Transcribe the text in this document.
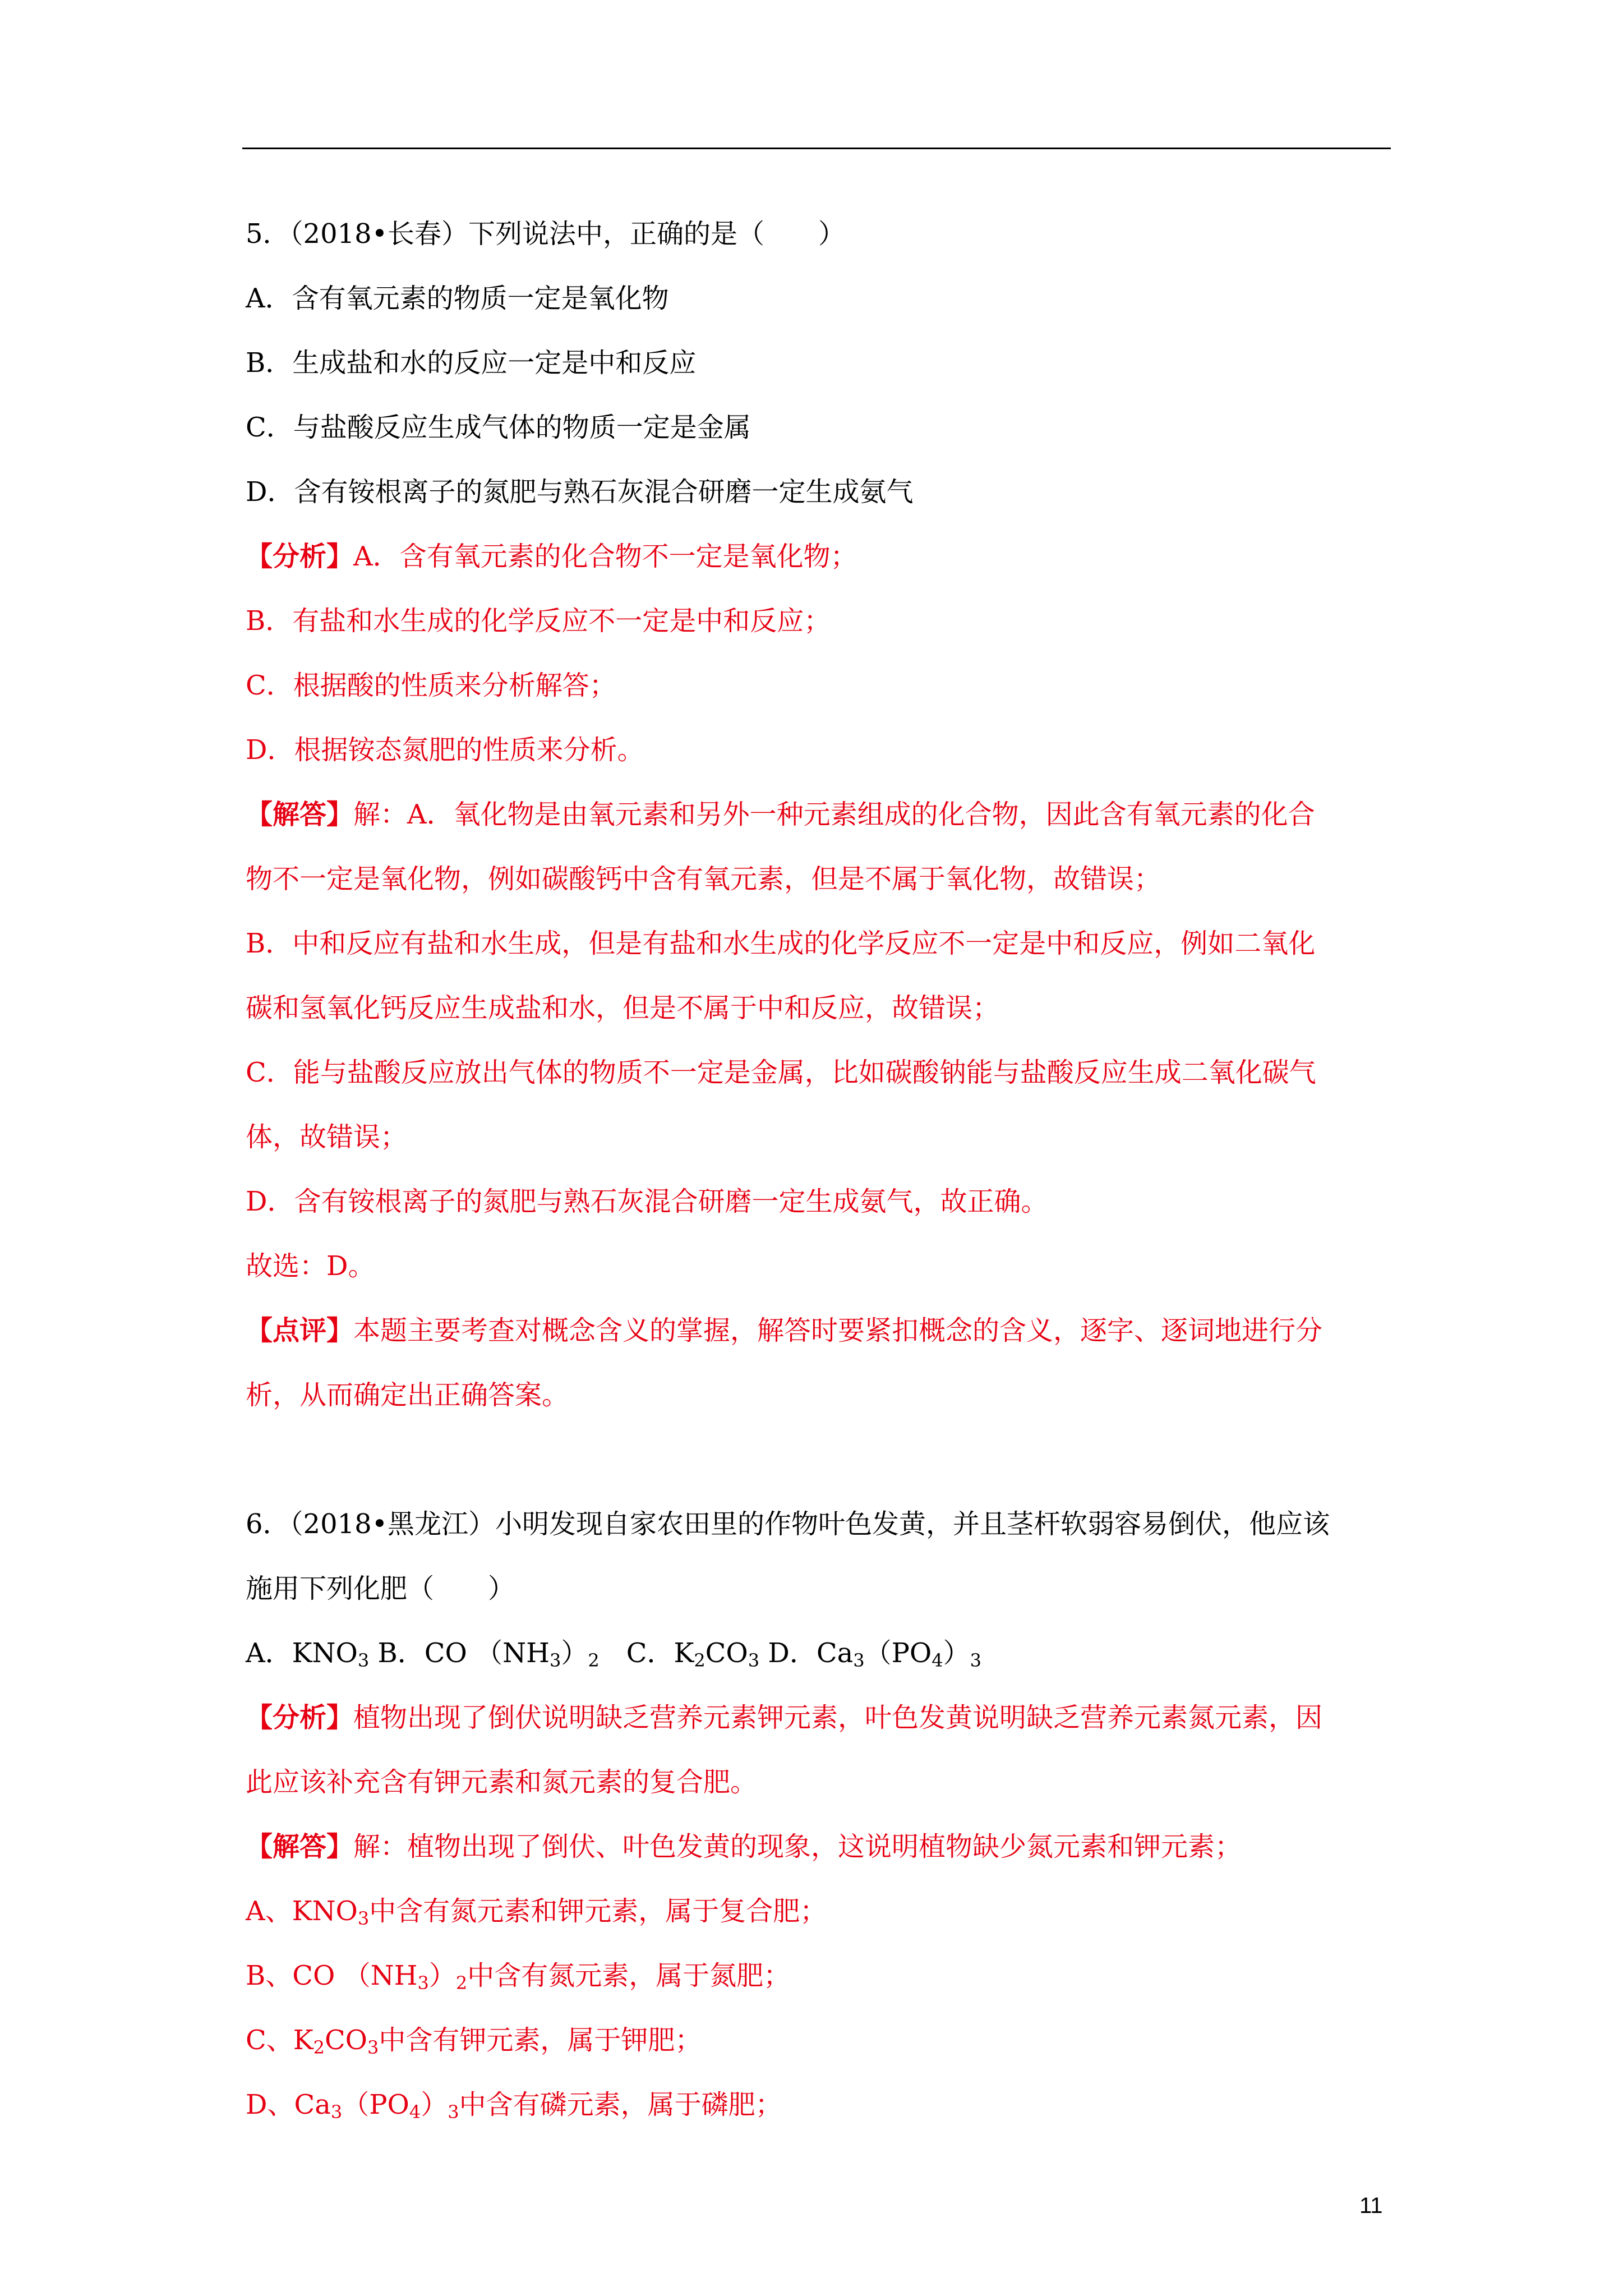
5．（2018•长春）下列说法中，正确的是（　　）
A．含有氧元素的物质一定是氧化物
B．生成盐和水的反应一定是中和反应
C．与盐酸反应生成气体的物质一定是金属
D．含有铵根离子的氮肥与熟石灰混合研磨一定生成氨气
【分析】A．含有氧元素的化合物不一定是氧化物；
B．有盐和水生成的化学反应不一定是中和反应；
C．根据酸的性质来分析解答；
D．根据铵态氮肥的性质来分析。
【解答】解：A．氧化物是由氧元素和另外一种元素组成的化合物，因此含有氧元素的化合
物不一定是氧化物，例如碳酸钙中含有氧元素，但是不属于氧化物，故错误；
B．中和反应有盐和水生成，但是有盐和水生成的化学反应不一定是中和反应，例如二氧化
碳和氢氧化钙反应生成盐和水，但是不属于中和反应，故错误；
C．能与盐酸反应放出气体的物质不一定是金属，比如碳酸钠能与盐酸反应生成二氧化碳气
体，故错误；
D．含有铵根离子的氮肥与熟石灰混合研磨一定生成氨气，故正确。
故选：D。
【点评】本题主要考查对概念含义的掌握，解答时要紧扣概念的含义，逐字、逐词地进行分
析，从而确定出正确答案。
6．（2018•黑龙江）小明发现自家农田里的作物叶色发黄，并且茎杆软弱容易倒伏，他应该
施用下列化肥（　　）
A．$KNO_3$ B．CO $(NH_3)_2$　C．$K_2CO_3$ D．$Ca_3(PO_4)_3$
【分析】植物出现了倒伏说明缺乏营养元素钾元素，叶色发黄说明缺乏营养元素氮元素，因
此应该补充含有钾元素和氮元素的复合肥。
【解答】解：植物出现了倒伏、叶色发黄的现象，这说明植物缺少氮元素和钾元素；
A、$KNO_3$中含有氮元素和钾元素，属于复合肥；
B、CO $(NH_3)_2$中含有氮元素，属于氮肥；
C、$K_2CO_3$中含有钾元素，属于钾肥；
D、$Ca_3(PO_4)_3$中含有磷元素，属于磷肥；
11
